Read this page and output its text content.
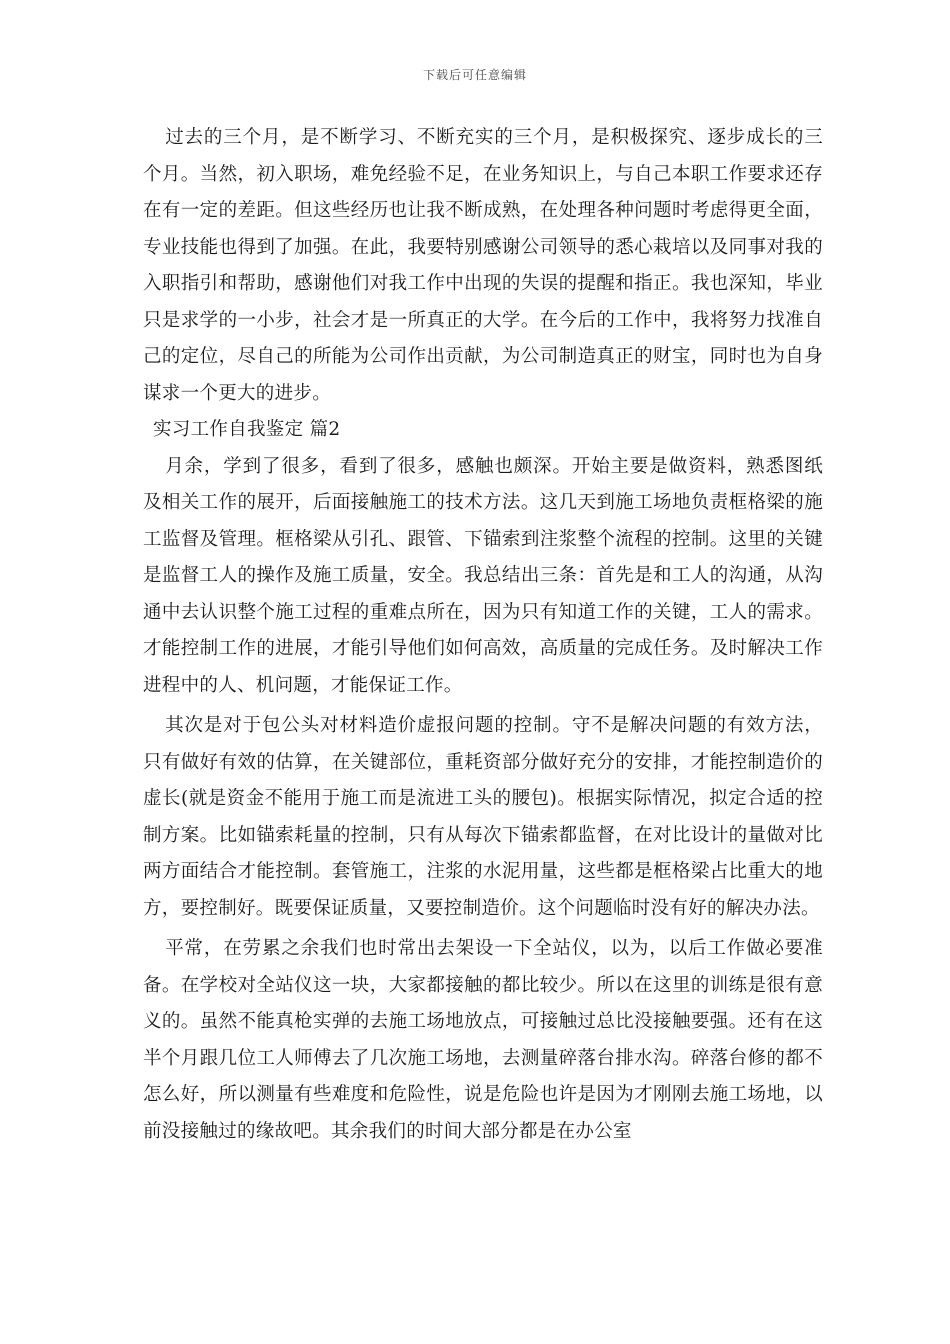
下载后可任意编辑

过去的三个月，是不断学习、不断充实的三个月，是积极探究、逐步成长的三个月。当然，初入职场，难免经验不足，在业务知识上，与自己本职工作要求还存在有一定的差距。但这些经历也让我不断成熟，在处理各种问题时考虑得更全面，专业技能也得到了加强。在此，我要特别感谢公司领导的悉心栽培以及同事对我的入职指引和帮助，感谢他们对我工作中出现的失误的提醒和指正。我也深知，毕业只是求学的一小步，社会才是一所真正的大学。在今后的工作中，我将努力找准自己的定位，尽自己的所能为公司作出贡献，为公司制造真正的财宝，同时也为自身谋求一个更大的进步。

实习工作自我鉴定 篇2

月余，学到了很多，看到了很多，感触也颇深。开始主要是做资料，熟悉图纸及相关工作的展开，后面接触施工的技术方法。这几天到施工场地负责框格梁的施工监督及管理。框格梁从引孔、跟管、下锚索到注浆整个流程的控制。这里的关键是监督工人的操作及施工质量，安全。我总结出三条：首先是和工人的沟通，从沟通中去认识整个施工过程的重难点所在，因为只有知道工作的关键，工人的需求。才能控制工作的进展，才能引导他们如何高效，高质量的完成任务。及时解决工作进程中的人、机问题，才能保证工作。

其次是对于包公头对材料造价虚报问题的控制。守不是解决问题的有效方法，只有做好有效的估算，在关键部位，重耗资部分做好充分的安排，才能控制造价的虚长(就是资金不能用于施工而是流进工头的腰包)。根据实际情况，拟定合适的控制方案。比如锚索耗量的控制，只有从每次下锚索都监督，在对比设计的量做对比两方面结合才能控制。套管施工，注浆的水泥用量，这些都是框格梁占比重大的地方，要控制好。既要保证质量，又要控制造价。这个问题临时没有好的解决办法。

平常，在劳累之余我们也时常出去架设一下全站仪，以为，以后工作做必要准备。在学校对全站仪这一块，大家都接触的都比较少。所以在这里的训练是很有意义的。虽然不能真枪实弹的去施工场地放点，可接触过总比没接触要强。还有在这半个月跟几位工人师傅去了几次施工场地，去测量碎落台排水沟。碎落台修的都不怎么好，所以测量有些难度和危险性，说是危险也许是因为才刚刚去施工场地，以前没接触过的缘故吧。其余我们的时间大部分都是在办公室
